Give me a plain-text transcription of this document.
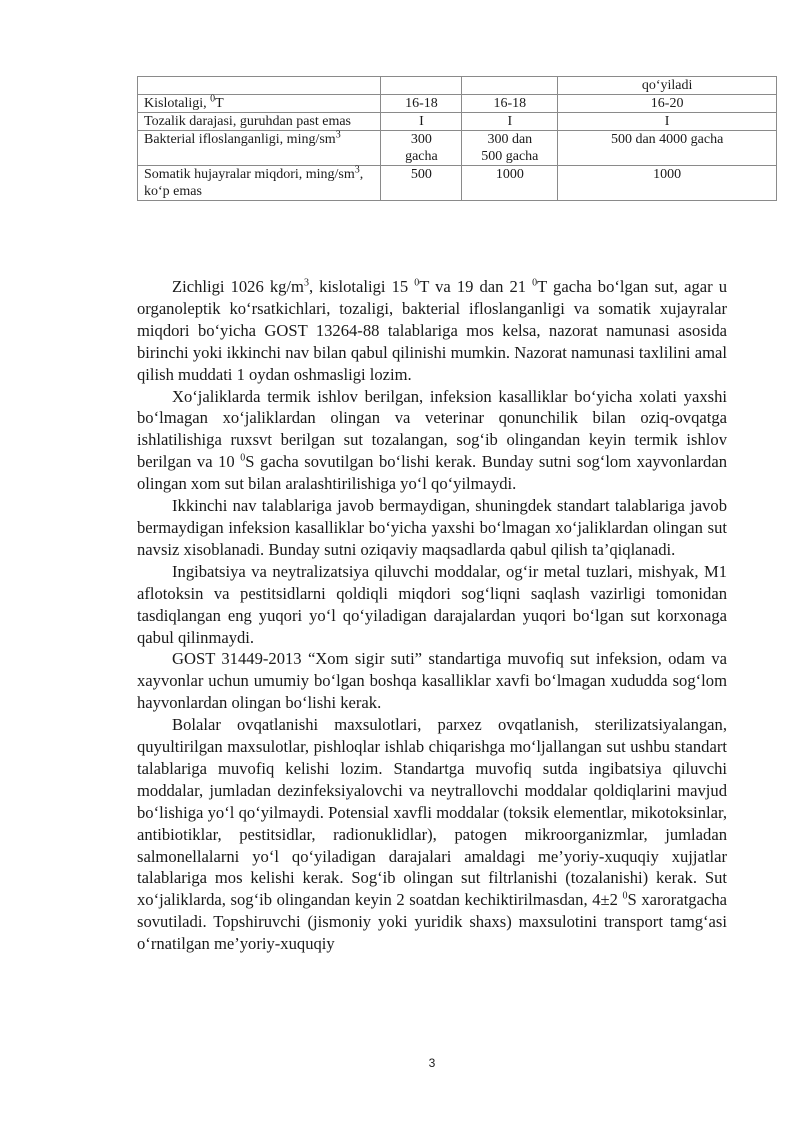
			qo‘yiladi
Kislotaligi, $^0$T	16-18	16-18	16-20
Tozalik darajasi, guruhdan past emas	I	I	I
Bakterial ifloslanganligi, ming/$sm^3$	300 gacha	300 dan 500 gacha	500 dan 4000 gacha
Somatik hujayralar miqdori, ming/$sm^3$, ko‘p emas	500	1000	1000

Zichligi 1026 $kg/m^3$, kislotaligi 15 $^0$T va 19 dan 21 $^0$T gacha bo‘lgan sut, agar u organoleptik ko‘rsatkichlari, tozaligi, bakterial ifloslanganligi va somatik xujayralar miqdori bo‘yicha GOST 13264-88 talablariga mos kelsa, nazorat namunasi asosida birinchi yoki ikkinchi nav bilan qabul qilinishi mumkin. Nazorat namunasi taxlilini amal qilish muddati 1 oydan oshmasligi lozim.

Xo‘jaliklarda termik ishlov berilgan, infeksion kasalliklar bo‘yicha xolati yaxshi bo‘lmagan xo‘jaliklardan olingan va veterinar qonunchilik bilan oziq-ovqatga ishlatilishiga ruxsvt berilgan sut tozalangan, sog‘ib olingandan keyin termik ishlov berilgan va 10 $^0$S gacha sovutilgan bo‘lishi kerak. Bunday sutni sog‘lom xayvonlardan olingan xom sut bilan aralashtirilishiga yo‘l qo‘yilmaydi.

Ikkinchi nav talablariga javob bermaydigan, shuningdek standart talablariga javob bermaydigan infeksion kasalliklar bo‘yicha yaxshi bo‘lmagan xo‘jaliklardan olingan sut navsiz xisoblanadi. Bunday sutni oziqaviy maqsadlarda qabul qilish ta’qiqlanadi.

Ingibatsiya va neytralizatsiya qiluvchi moddalar, og‘ir metal tuzlari, mishyak, M1 aflotoksin va pestitsidlarni qoldiqli miqdori sog‘liqni saqlash vazirligi tomonidan tasdiqlangan eng yuqori yo‘l qo‘yiladigan darajalardan yuqori bo‘lgan sut korxonaga qabul qilinmaydi.

GOST 31449-2013 “Xom sigir suti” standartiga muvofiq sut infeksion, odam va xayvonlar uchun umumiy bo‘lgan boshqa kasalliklar xavfi bo‘lmagan xududda sog‘lom hayvonlardan olingan bo‘lishi kerak.

Bolalar ovqatlanishi maxsulotlari, parxez ovqatlanish, sterilizatsiyalangan, quyultirilgan maxsulotlar, pishloqlar ishlab chiqarishga mo‘ljallangan sut ushbu standart talablariga muvofiq kelishi lozim. Standartga muvofiq sutda ingibatsiya qiluvchi moddalar, jumladan dezinfeksiyalovchi va neytrallovchi moddalar qoldiqlarini mavjud bo‘lishiga yo‘l qo‘yilmaydi. Potensial xavfli moddalar (toksik elementlar, mikotoksinlar, antibiotiklar, pestitsidlar, radionuklidlar), patogen mikroorganizmlar, jumladan salmonellalarni yo‘l qo‘yiladigan darajalari amaldagi me’yoriy-xuquqiy xujjatlar talablariga mos kelishi kerak. Sog‘ib olingan sut filtrlanishi (tozalanishi) kerak. Sut xo‘jaliklarda, sog‘ib olingandan keyin 2 soatdan kechiktirilmasdan, 4±2 $^0$S xaroratgacha sovutiladi. Topshiruvchi (jismoniy yoki yuridik shaxs) maxsulotini transport tamg‘asi o‘rnatilgan me’yoriy-xuquqiy

3
